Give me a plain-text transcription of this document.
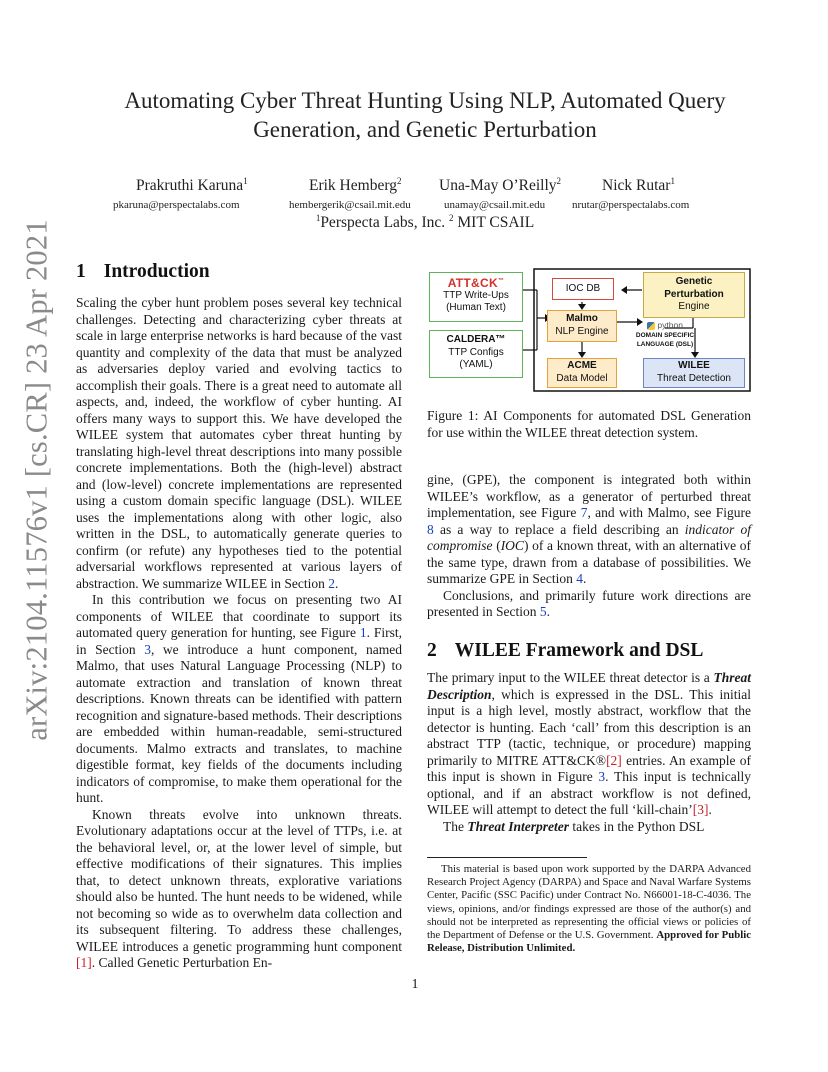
arXiv:2104.11576v1 [cs.CR] 23 Apr 2021
Automating Cyber Threat Hunting Using NLP, Automated Query
Generation, and Genetic Perturbation
Prakruthi Karuna$^1$	Erik Hemberg$^2$ Una-May O’Reilly$^2$	Nick Rutar$^1$
pkaruna@perspectalabs.com	hembergerik@csail.mit.edu	unamay@csail.mit.edu nrutar@perspectalabs.com
$^1$Perspecta Labs, Inc. $^2$ MIT CSAIL
1 Introduction
Scaling the cyber hunt problem poses several key technical challenges. Detecting and characterizing cyber threats at scale in large enterprise networks is hard because of the vast quantity and complexity of the data that must be analyzed as adversaries deploy varied and evolving tactics to accomplish their goals. There is a great need to automate all aspects, and, indeed, the workflow of cyber hunting. AI offers many ways to support this. We have developed the WILEE system that automates cyber threat hunting by translating high-level threat descriptions into many possible concrete implementations. Both the (high-level) abstract and (low-level) concrete implementations are represented using a custom domain specific language (DSL). WILEE uses the implementations along with other logic, also written in the DSL, to automatically generate queries to confirm (or refute) any hypotheses tied to the potential adversarial workflows represented at various layers of abstraction. We summarize WILEE in Section 2.
In this contribution we focus on presenting two AI components of WILEE that coordinate to support its automated query generation for hunting, see Figure 1. First, in Section 3, we introduce a hunt component, named Malmo, that uses Natural Language Processing (NLP) to automate extraction and translation of known threat descriptions. Known threats can be identified with pattern recognition and signature-based methods. Their descriptions are embedded within human-readable, semi-structured documents. Malmo extracts and translates, to machine digestible format, key fields of the documents including indicators of compromise, to make them operational for the hunt.
Known threats evolve into unknown threats. Evolutionary adaptations occur at the level of TTPs, i.e. at the behavioral level, or, at the lower level of simple, but effective modifications of their signatures. This implies that, to detect unknown threats, explorative variations should also be hunted. The hunt needs to be widened, while not becoming so wide as to overwhelm data collection and its subsequent filtering. To address these challenges, WILEE introduces a genetic programming hunt component [1]. Called Genetic Perturbation En-
ATT&CK™
TTP Write-Ups
(Human Text)
CALDERA™
TTP Configs
(YAML)
IOC DB
Malmo
NLP Engine
ACME
Data Model
Genetic
Perturbation
Engine
python
DOMAIN SPECIFIC
LANGUAGE (DSL)
WILEE
Threat Detection
Figure 1: AI Components for automated DSL Generation for use within the WILEE threat detection system.
gine, (GPE), the component is integrated both within WILEE’s workflow, as a generator of perturbed threat implementation, see Figure 7, and with Malmo, see Figure 8 as a way to replace a field describing an indicator of compromise (IOC) of a known threat, with an alternative of the same type, drawn from a database of possibilities. We summarize GPE in Section 4.
Conclusions, and primarily future work directions are presented in Section 5.
2 WILEE Framework and DSL
The primary input to the WILEE threat detector is a Threat Description, which is expressed in the DSL. This initial input is a high level, mostly abstract, workflow that the detector is hunting. Each ‘call’ from this description is an abstract TTP (tactic, technique, or procedure) mapping primarily to MITRE ATT&CK®[2] entries. An example of this input is shown in Figure 3. This input is technically optional, and if an abstract workflow is not defined, WILEE will attempt to detect the full ‘kill-chain’[3].
The Threat Interpreter takes in the Python DSL
This material is based upon work supported by the DARPA Advanced Research Project Agency (DARPA) and Space and Naval Warfare Systems Center, Pacific (SSC Pacific) under Contract No. N66001-18-C-4036. The views, opinions, and/or findings expressed are those of the author(s) and should not be interpreted as representing the official views or policies of the Department of Defense or the U.S. Government. Approved for Public Release, Distribution Unlimited.
1
